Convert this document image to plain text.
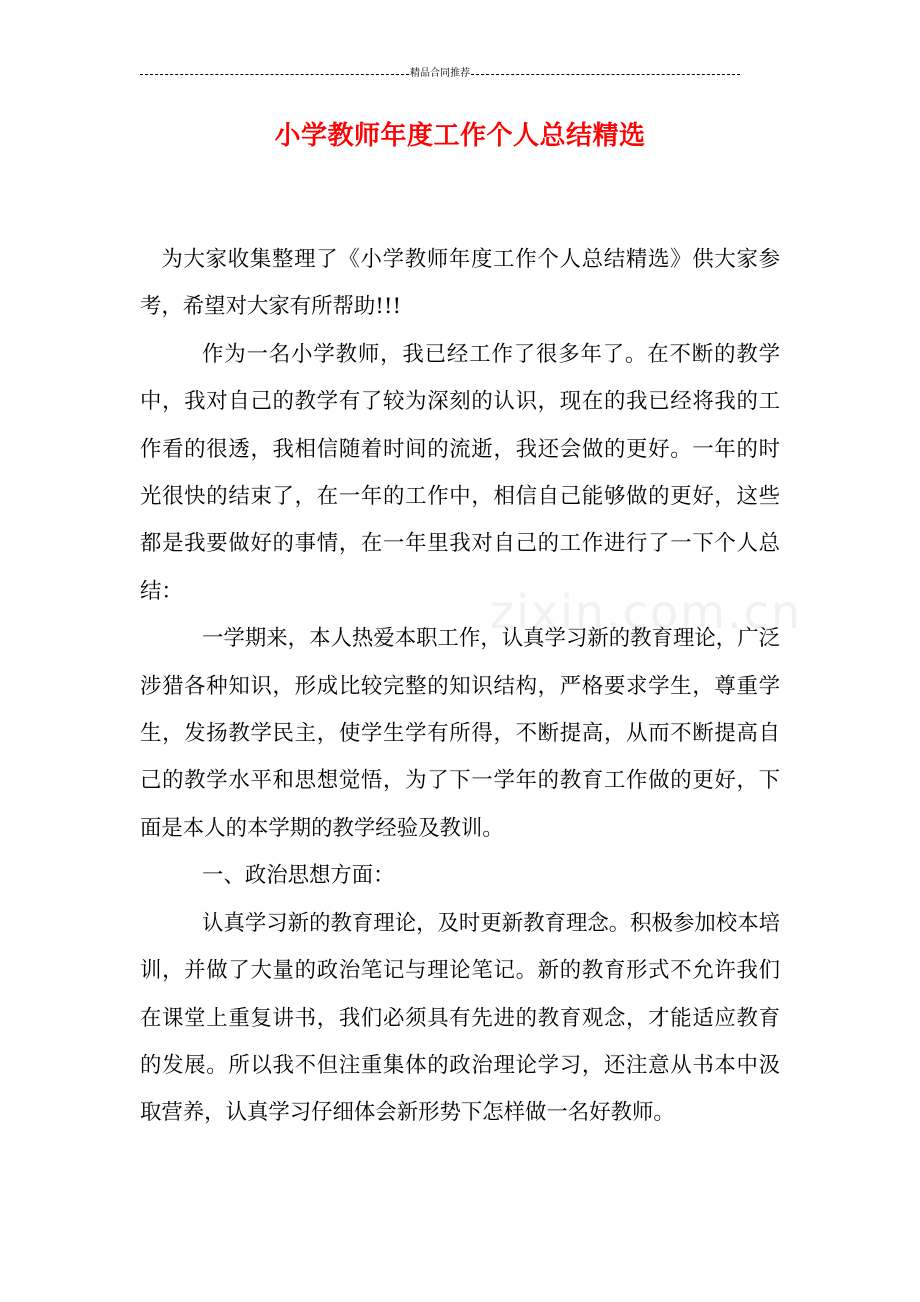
精品合同推荐
小学教师年度工作个人总结精选
zixin.com.cn

为大家收集整理了《小学教师年度工作个人总结精选》供大家参考，希望对大家有所帮助!!!

作为一名小学教师，我已经工作了很多年了。在不断的教学中，我对自己的教学有了较为深刻的认识，现在的我已经将我的工作看的很透，我相信随着时间的流逝，我还会做的更好。一年的时光很快的结束了，在一年的工作中，相信自己能够做的更好，这些都是我要做好的事情，在一年里我对自己的工作进行了一下个人总结：

一学期来，本人热爱本职工作，认真学习新的教育理论，广泛涉猎各种知识，形成比较完整的知识结构，严格要求学生，尊重学生，发扬教学民主，使学生学有所得，不断提高，从而不断提高自己的教学水平和思想觉悟，为了下一学年的教育工作做的更好，下面是本人的本学期的教学经验及教训。

一、政治思想方面：

认真学习新的教育理论，及时更新教育理念。积极参加校本培训，并做了大量的政治笔记与理论笔记。新的教育形式不允许我们在课堂上重复讲书，我们必须具有先进的教育观念，才能适应教育的发展。所以我不但注重集体的政治理论学习，还注意从书本中汲取营养，认真学习仔细体会新形势下怎样做一名好教师。
